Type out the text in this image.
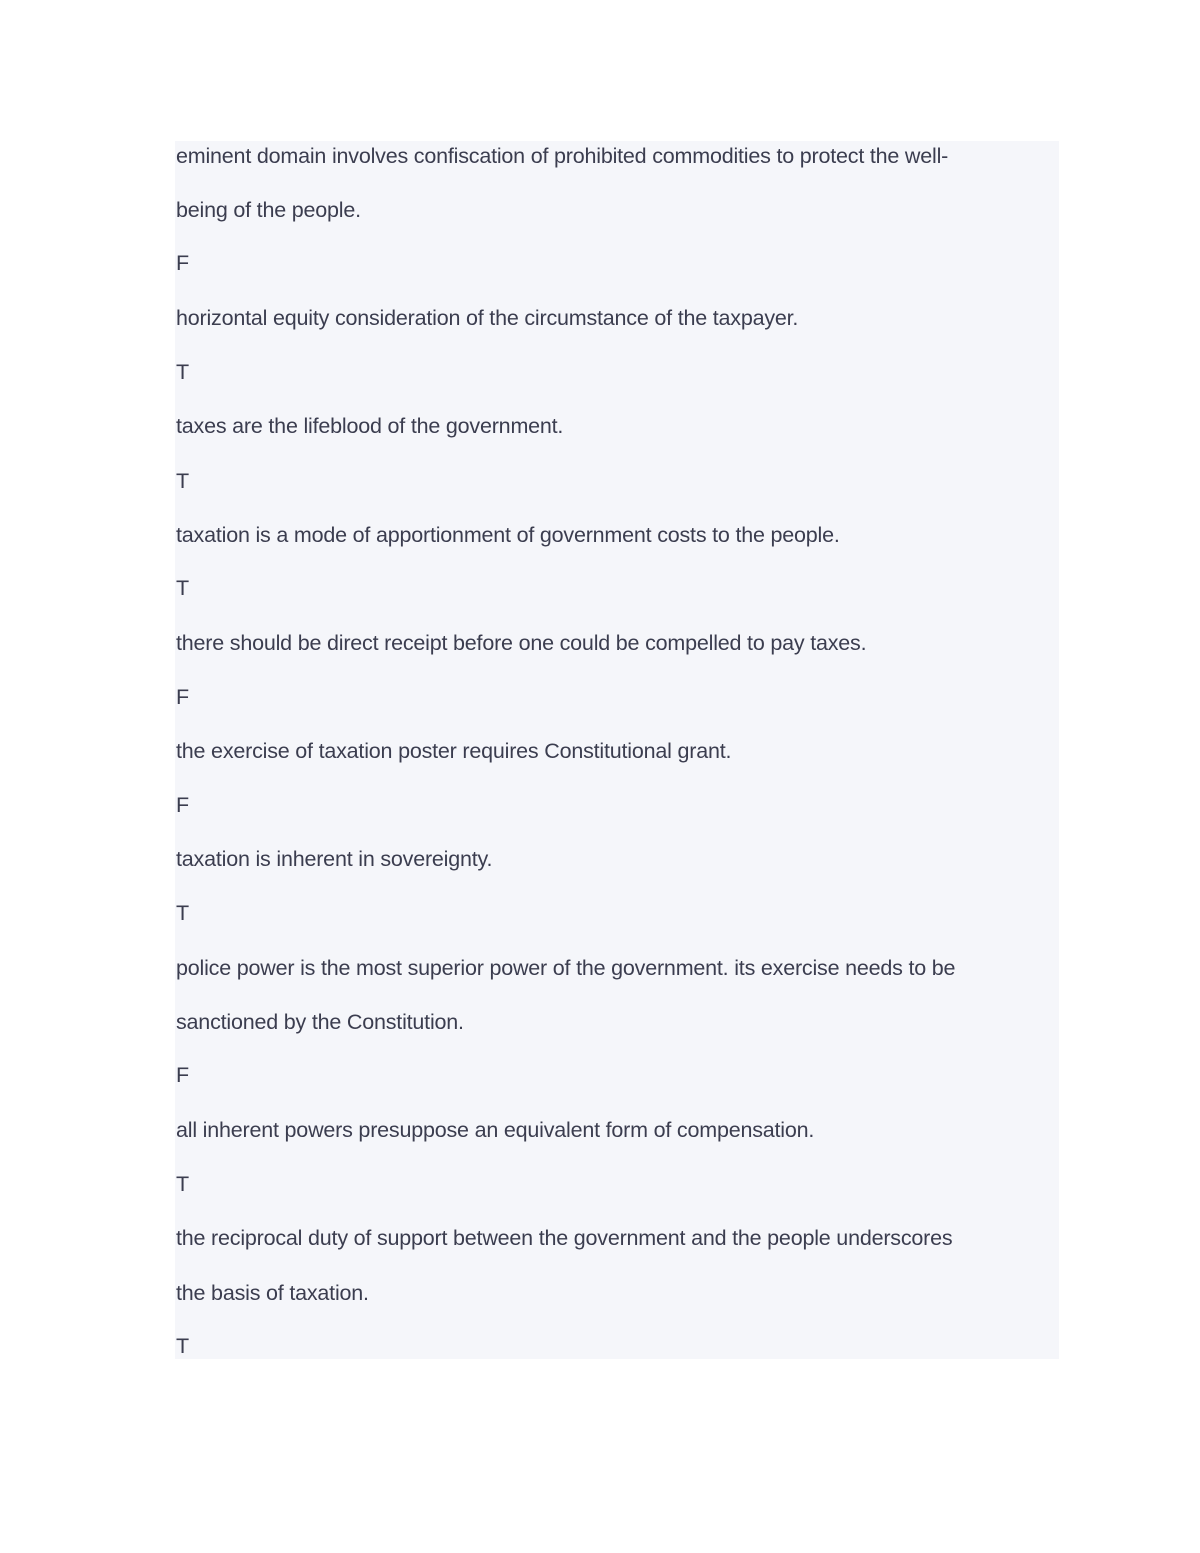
eminent domain involves confiscation of prohibited commodities to protect the well-
being of the people.
F
horizontal equity consideration of the circumstance of the taxpayer.
T
taxes are the lifeblood of the government.
T
taxation is a mode of apportionment of government costs to the people.
T
there should be direct receipt before one could be compelled to pay taxes.
F
the exercise of taxation poster requires Constitutional grant.
F
taxation is inherent in sovereignty.
T
police power is the most superior power of the government. its exercise needs to be
sanctioned by the Constitution.
F
all inherent powers presuppose an equivalent form of compensation.
T
the reciprocal duty of support between the government and the people underscores
the basis of taxation.
T
